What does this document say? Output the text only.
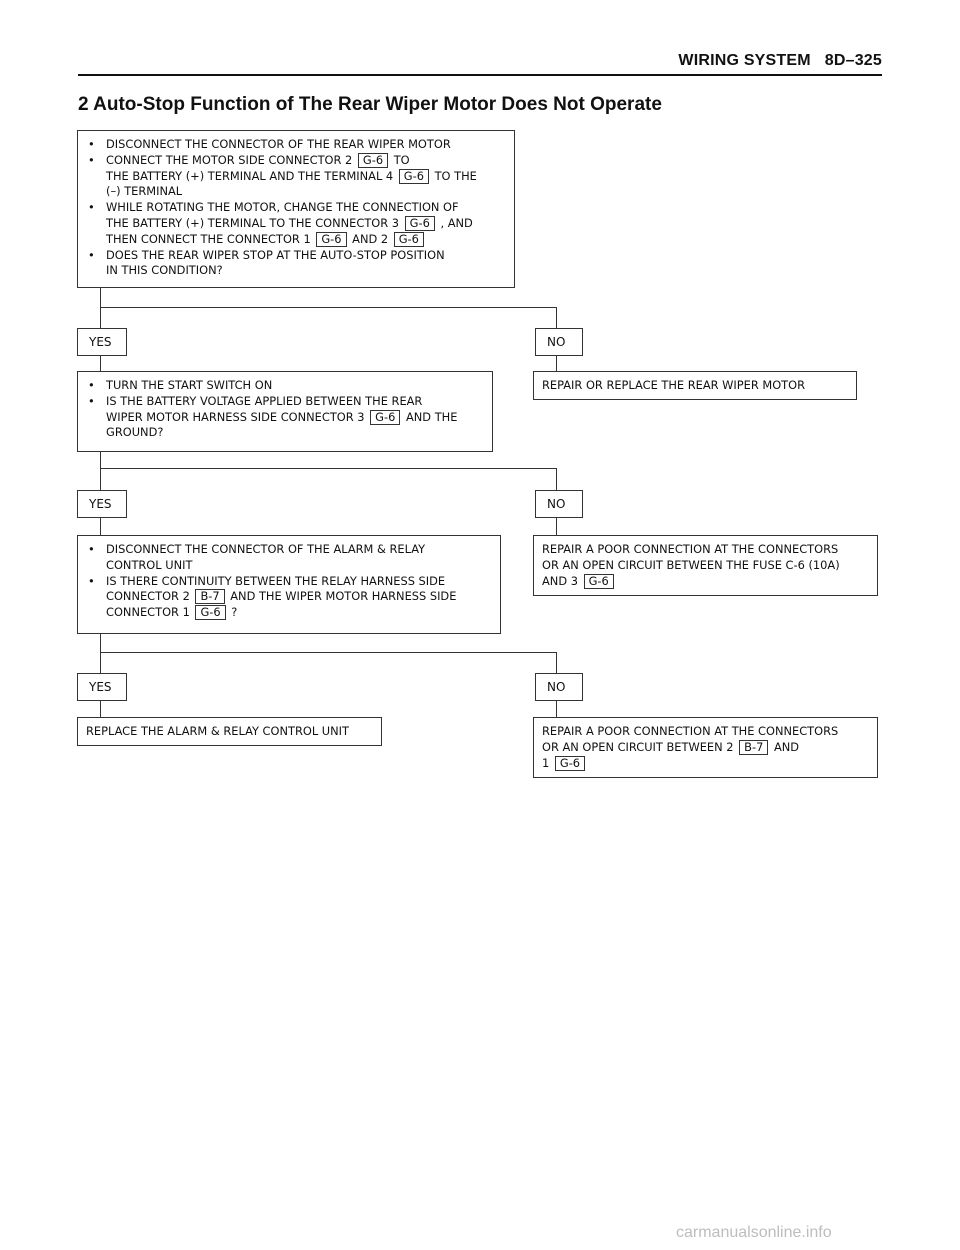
WIRING SYSTEM 8D–325
2 Auto-Stop Function of The Rear Wiper Motor Does Not Operate
• DISCONNECT THE CONNECTOR OF THE REAR WIPER MOTOR
• CONNECT THE MOTOR SIDE CONNECTOR 2 G-6 TO
THE BATTERY (+) TERMINAL AND THE TERMINAL 4 G-6 TO THE
(–) TERMINAL
• WHILE ROTATING THE MOTOR, CHANGE THE CONNECTION OF
THE BATTERY (+) TERMINAL TO THE CONNECTOR 3 G-6 , AND
THEN CONNECT THE CONNECTOR 1 G-6 AND 2 G-6
• DOES THE REAR WIPER STOP AT THE AUTO-STOP POSITION
IN THIS CONDITION?
YES	NO
• TURN THE START SWITCH ON
• IS THE BATTERY VOLTAGE APPLIED BETWEEN THE REAR
WIPER MOTOR HARNESS SIDE CONNECTOR 3 G-6 AND THE
GROUND?
REPAIR OR REPLACE THE REAR WIPER MOTOR
YES	NO
• DISCONNECT THE CONNECTOR OF THE ALARM & RELAY
CONTROL UNIT
• IS THERE CONTINUITY BETWEEN THE RELAY HARNESS SIDE
CONNECTOR 2 B-7 AND THE WIPER MOTOR HARNESS SIDE
CONNECTOR 1 G-6 ?
REPAIR A POOR CONNECTION AT THE CONNECTORS
OR AN OPEN CIRCUIT BETWEEN THE FUSE C-6 (10A)
AND 3 G-6
YES	NO
REPLACE THE ALARM & RELAY CONTROL UNIT	REPAIR A POOR CONNECTION AT THE CONNECTORS
OR AN OPEN CIRCUIT BETWEEN 2 B-7 AND
1 G-6
carmanualsonline.info
